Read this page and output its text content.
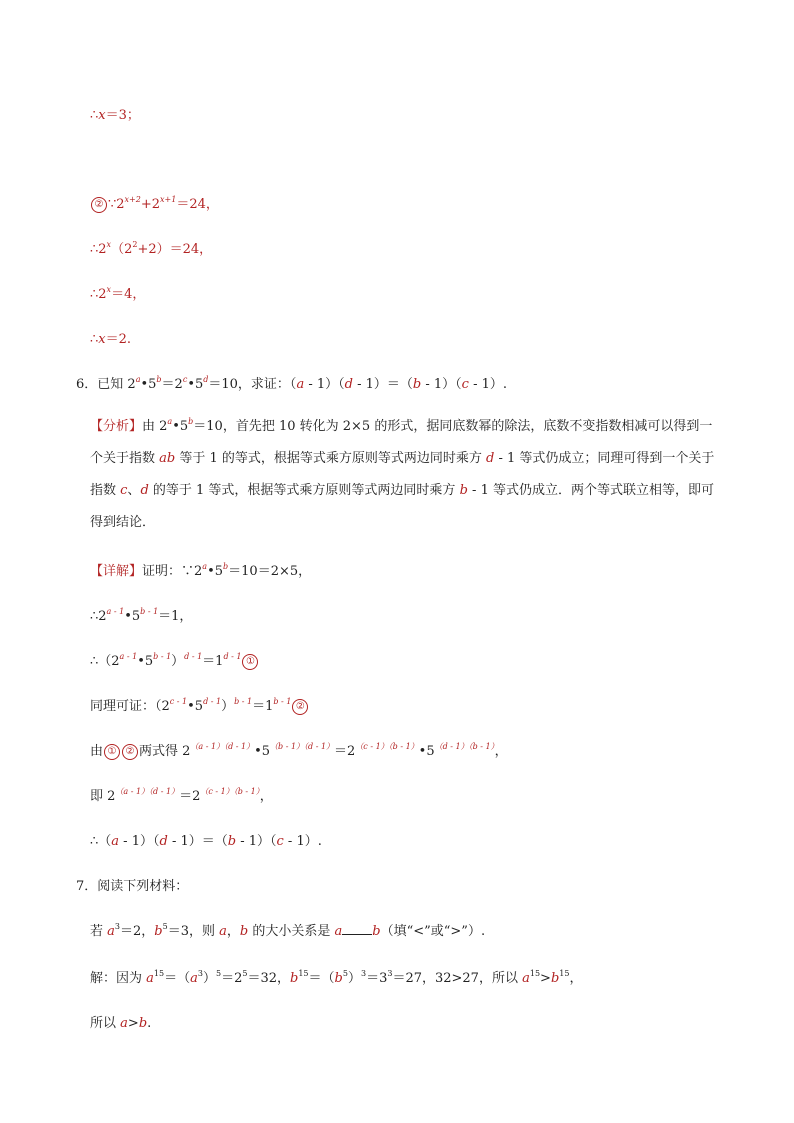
∴x＝3；
② $\because 2^{x+2}+2^{x+1}=24$，
$\therefore 2^x(2^2+2)=24$，
$\therefore 2^x=4$，
∴x＝2.
6．已知 $2^a•5^b=2^c•5^d=10$，求证：（a - 1）（d - 1）＝（b - 1）（c - 1）.
【分析】由 $2^a•5^b=10$，首先把 10 转化为 2×5 的形式，据同底数幂的除法，底数不变指数相减可以得到一个关于指数 ab 等于 1 的等式，根据等式乘方原则等式两边同时乘方 d - 1 等式仍成立；同理可得到一个关于指数 c、d 的等于 1 等式，根据等式乘方原则等式两边同时乘方 b - 1 等式仍成立．两个等式联立相等，即可得到结论．
【详解】证明：$\because 2^a•5^b=10=2\times 5$，
$\therefore 2^{a - 1}•5^{b - 1}=1$，
$\therefore(2^{a - 1}•5^{b - 1})^{d - 1}=1^{d - 1}$ ①
同理可证：$(2^{c - 1}•5^{d - 1})^{b - 1}=1^{b - 1}$ ②
由 ① ② 两式得 $2^{(a - 1)(d - 1)}•5^{(b - 1)(d - 1)}=2^{(c - 1)(b - 1)}•5^{(d - 1)(b - 1)}$，
即 $2^{(a - 1)(d - 1)}=2^{(c - 1)(b - 1)}$，
∴（a - 1）（d - 1）＝（b - 1）（c - 1）.
7．阅读下列材料：
若 $a^3=2$，$b^5=3$，则 a，b 的大小关系是 a b（填“<”或“>”）.
解：因为 $a^{15}=(a^3)^5=2^5=32$，$b^{15}=(b^5)^3=3^3=27$，32>27，所以 $a^{15}>b^{15}$，
所以 a>b.
